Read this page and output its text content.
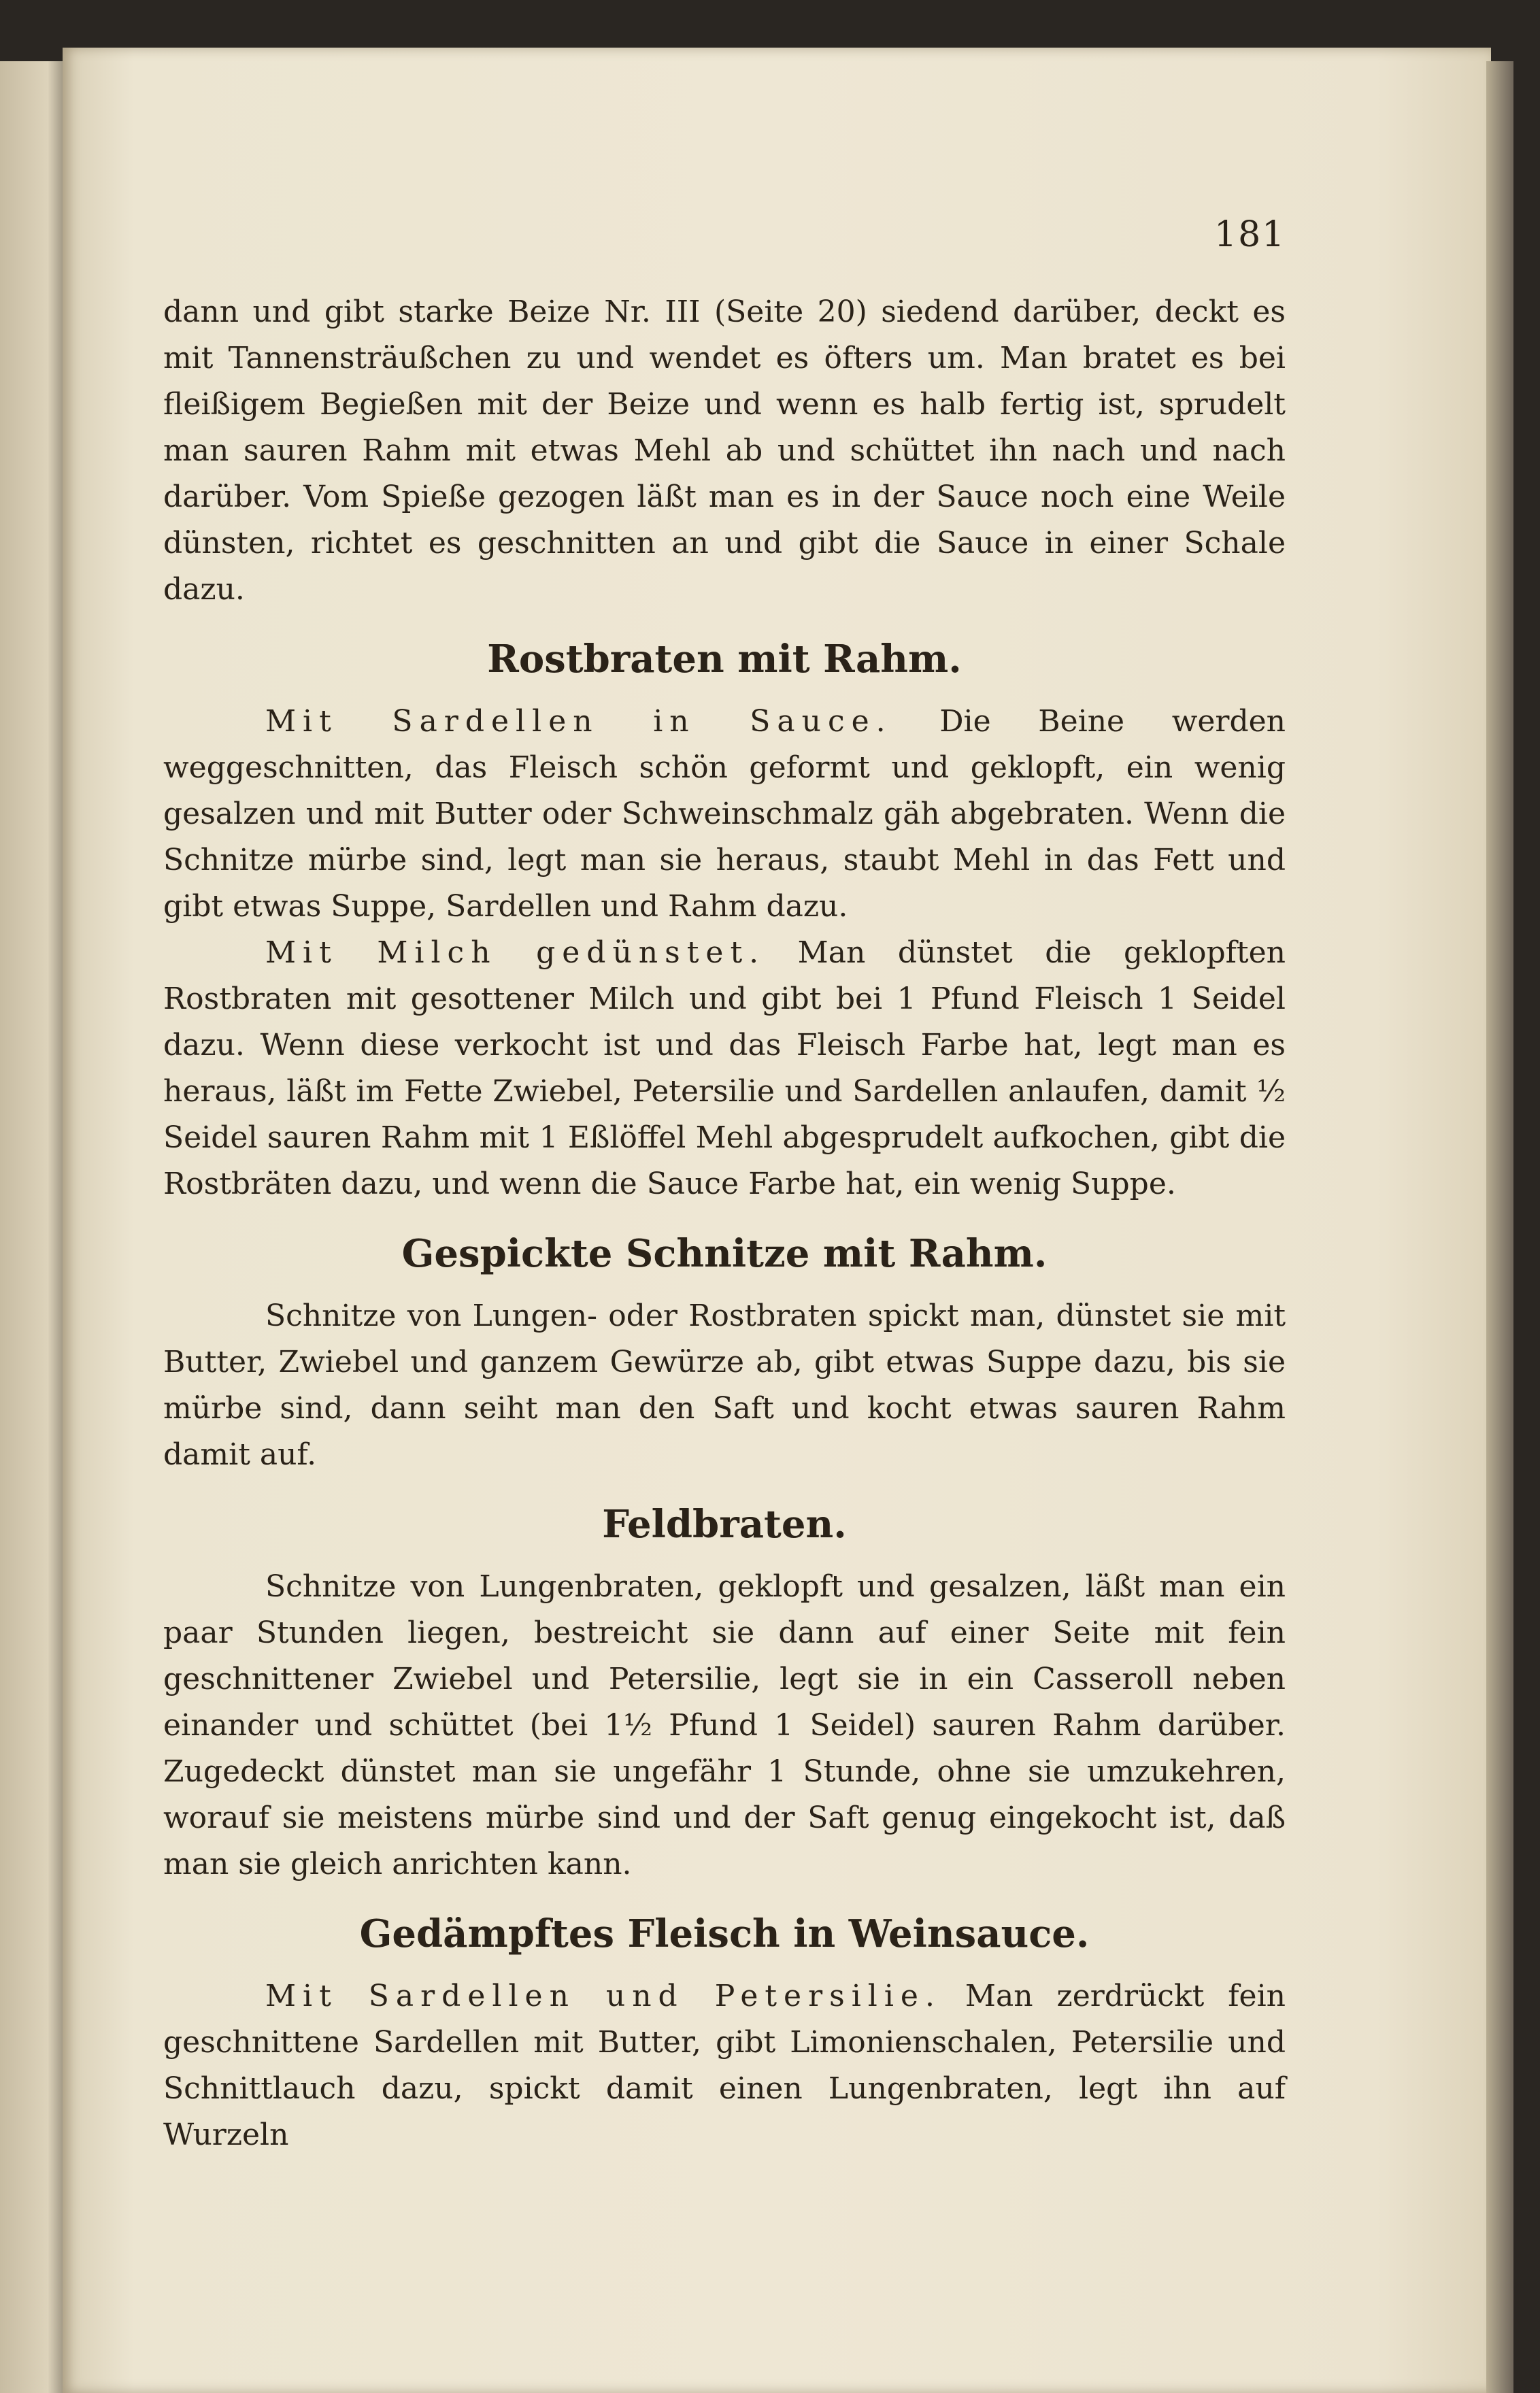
181

dann und gibt starke Beize Nr. III (Seite 20) siedend darüber, deckt es mit Tannensträußchen zu und wendet es öfters um. Man bratet es bei fleißigem Begießen mit der Beize und wenn es halb fertig ist, sprudelt man sauren Rahm mit etwas Mehl ab und schüttet ihn nach und nach darüber. Vom Spieße gezogen läßt man es in der Sauce noch eine Weile dünsten, richtet es geschnitten an und gibt die Sauce in einer Schale dazu.

Rostbraten mit Rahm.

Mit Sardellen in Sauce. Die Beine werden weggeschnitten, das Fleisch schön geformt und geklopft, ein wenig gesalzen und mit Butter oder Schweinschmalz gäh abgebraten. Wenn die Schnitze mürbe sind, legt man sie heraus, staubt Mehl in das Fett und gibt etwas Suppe, Sardellen und Rahm dazu.

Mit Milch gedünstet. Man dünstet die geklopften Rostbraten mit gesottener Milch und gibt bei 1 Pfund Fleisch 1 Seidel dazu. Wenn diese verkocht ist und das Fleisch Farbe hat, legt man es heraus, läßt im Fette Zwiebel, Petersilie und Sardellen anlaufen, damit ½ Seidel sauren Rahm mit 1 Eßlöffel Mehl abgesprudelt aufkochen, gibt die Rostbräten dazu, und wenn die Sauce Farbe hat, ein wenig Suppe.

Gespickte Schnitze mit Rahm.

Schnitze von Lungen- oder Rostbraten spickt man, dünstet sie mit Butter, Zwiebel und ganzem Gewürze ab, gibt etwas Suppe dazu, bis sie mürbe sind, dann seiht man den Saft und kocht etwas sauren Rahm damit auf.

Feldbraten.

Schnitze von Lungenbraten, geklopft und gesalzen, läßt man ein paar Stunden liegen, bestreicht sie dann auf einer Seite mit fein geschnittener Zwiebel und Petersilie, legt sie in ein Casseroll neben einander und schüttet (bei 1½ Pfund 1 Seidel) sauren Rahm darüber. Zugedeckt dünstet man sie ungefähr 1 Stunde, ohne sie umzukehren, worauf sie meistens mürbe sind und der Saft genug eingekocht ist, daß man sie gleich anrichten kann.

Gedämpftes Fleisch in Weinsauce.

Mit Sardellen und Petersilie. Man zerdrückt fein geschnittene Sardellen mit Butter, gibt Limonienschalen, Petersilie und Schnittlauch dazu, spickt damit einen Lungenbraten, legt ihn auf Wurzeln
